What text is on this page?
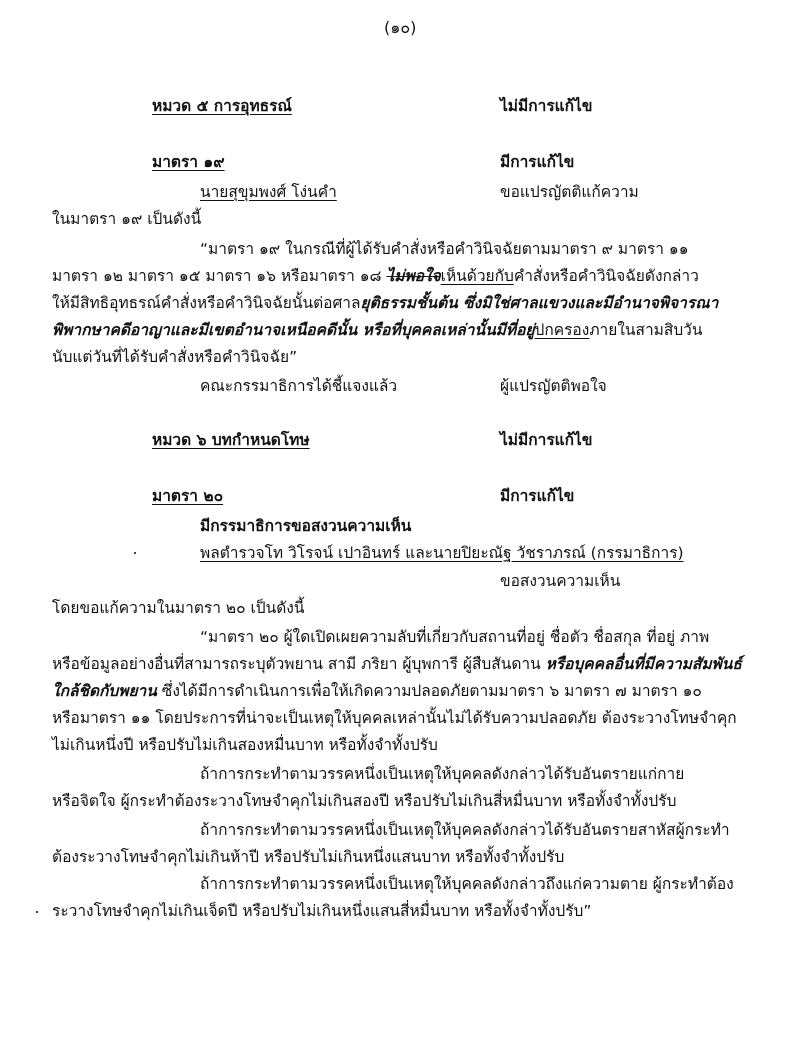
(๑๐)
หมวด ๕ การอุทธรณ์	ไม่มีการแก้ไข
มาตรา ๑๙	มีการแก้ไข
นายสุขุมพงศ์ โง่นคำ	ขอแปรญัตติแก้ความ
ในมาตรา ๑๙ เป็นดังนี้
“มาตรา ๑๙ ในกรณีที่ผู้ได้รับคำสั่งหรือคำวินิจฉัยตามมาตรา ๙ มาตรา ๑๑
มาตรา ๑๒ มาตรา ๑๕ มาตรา ๑๖ หรือมาตรา ๑๘ ไม่พอใจเห็นด้วยกับคำสั่งหรือคำวินิจฉัยดังกล่าว
ให้มีสิทธิอุทธรณ์คำสั่งหรือคำวินิจฉัยนั้นต่อศาลยุติธรรมชั้นต้น ซึ่งมิใช่ศาลแขวงและมีอำนาจพิจารณา
พิพากษาคดีอาญาและมีเขตอำนาจเหนือคดีนั้น หรือที่บุคคลเหล่านั้นมีที่อยู่ปกครองภายในสามสิบวัน
นับแต่วันที่ได้รับคำสั่งหรือคำวินิจฉัย”
คณะกรรมาธิการได้ชี้แจงแล้ว	ผู้แปรญัตติพอใจ
หมวด ๖ บทกำหนดโทษ	ไม่มีการแก้ไข
มาตรา ๒๐	มีการแก้ไข
มีกรรมาธิการขอสงวนความเห็น
พลตำรวจโท วิโรจน์ เปาอินทร์ และนายปิยะณัฐ วัชราภรณ์ (กรรมาธิการ)
ขอสงวนความเห็น
โดยขอแก้ความในมาตรา ๒๐ เป็นดังนี้
“มาตรา ๒๐ ผู้ใดเปิดเผยความลับที่เกี่ยวกับสถานที่อยู่ ชื่อตัว ชื่อสกุล ที่อยู่ ภาพ
หรือข้อมูลอย่างอื่นที่สามารถระบุตัวพยาน สามี ภริยา ผู้บุพการี ผู้สืบสันดาน หรือบุคคลอื่นที่มีความสัมพันธ์
ใกล้ชิดกับพยาน ซึ่งได้มีการดำเนินการเพื่อให้เกิดความปลอดภัยตามมาตรา ๖ มาตรา ๗ มาตรา ๑๐
หรือมาตรา ๑๑ โดยประการที่น่าจะเป็นเหตุให้บุคคลเหล่านั้นไม่ได้รับความปลอดภัย ต้องระวางโทษจำคุก
ไม่เกินหนึ่งปี หรือปรับไม่เกินสองหมื่นบาท หรือทั้งจำทั้งปรับ
ถ้าการกระทำตามวรรคหนึ่งเป็นเหตุให้บุคคลดังกล่าวได้รับอันตรายแก่กาย
หรือจิตใจ ผู้กระทำต้องระวางโทษจำคุกไม่เกินสองปี หรือปรับไม่เกินสี่หมื่นบาท หรือทั้งจำทั้งปรับ
ถ้าการกระทำตามวรรคหนึ่งเป็นเหตุให้บุคคลดังกล่าวได้รับอันตรายสาหัสผู้กระทำ
ต้องระวางโทษจำคุกไม่เกินห้าปี หรือปรับไม่เกินหนึ่งแสนบาท หรือทั้งจำทั้งปรับ
ถ้าการกระทำตามวรรคหนึ่งเป็นเหตุให้บุคคลดังกล่าวถึงแก่ความตาย ผู้กระทำต้อง
ระวางโทษจำคุกไม่เกินเจ็ดปี หรือปรับไม่เกินหนึ่งแสนสี่หมื่นบาท หรือทั้งจำทั้งปรับ”
